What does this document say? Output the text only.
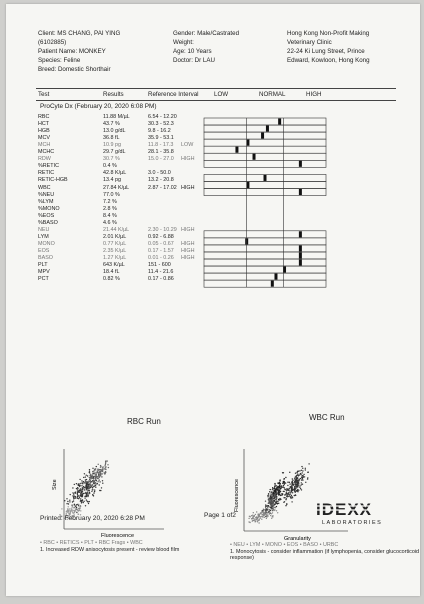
Client: MS CHANG, PAI YING
(6102885)
Patient Name: MONKEY
Species: Feline
Breed: Domestic Shorthair
Gender: Male/Castrated
Weight:
Age: 10 Years
Doctor: Dr LAU
Hong Kong Non-Profit Making
Veterinary Clinic
22-24 Ki Lung Street, Prince
Edward, Kowloon, Hong Kong
Test	Results	Reference Interval LOW	NORMAL	HIGH
ProCyte Dx (February 20, 2020 6:08 PM)
RBC	11.88 M/µL	6.54 - 12.20
HCT	43.7 %	30.3 - 52.3
HGB	13.0 g/dL	9.8 - 16.2
MCV	36.8 fL	35.9 - 53.1
MCH	10.9 pg	11.8 - 17.3 LOW
MCHC	29.7 g/dL	28.1 - 35.8
RDW	30.7 %	15.0 - 27.0 HIGH
%RETIC	0.4 %
RETIC	42.8 K/µL	3.0 - 50.0
RETIC-HGB	13.4 pg	13.2 - 20.8
WBC	27.84 K/µL	2.87 - 17.02 HIGH
%NEU	77.0 %
%LYM	7.2 %
%MONO	2.8 %
%EOS	8.4 %
%BASO	4.6 %
NEU	21.44 K/µL	2.30 - 10.29 HIGH
LYM	2.01 K/µL	0.92 - 6.88
MONO	0.77 K/µL	0.05 - 0.67 HIGH
EOS	2.35 K/µL	0.17 - 1.57 HIGH
BASO	1.27 K/µL	0.01 - 0.26 HIGH
PLT	643 K/µL	151 - 600
MPV	18.4 fL	11.4 - 21.6
PCT	0.82 %	0.17 - 0.86
RBC Run	WBC Run
Size
Fluorescence
Fluorescence
Granularity
• RBC • RETICS • PLT • RBC Frags • WBC
1. Increased RDW anisocytosis present - review blood film
• NEU • LYM • MONO • EOS • BASO • URBC
1. Monocytosis - consider inflammation (if lymphopenia, consider glucocorticoid
response)
Printed: February 20, 2020 6:28 PM	Page 1 of2	IDEXX
LABORATORIES
